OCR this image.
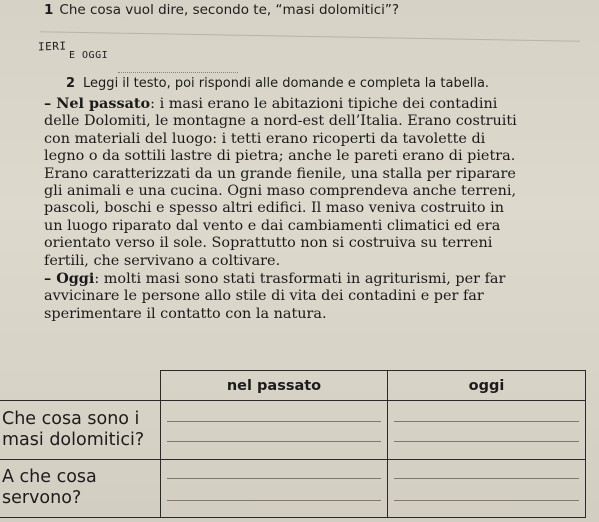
1 Che cosa vuol dire, secondo te, “masi dolomitici”?
IERI
E OGGI
2 Leggi il testo, poi rispondi alle domande e completa la tabella.

– Nel passato: i masi erano le abitazioni tipiche dei contadini

delle Dolomiti, le montagne a nord-est dell’Italia. Erano costruiti

con materiali del luogo: i tetti erano ricoperti da tavolette di

legno o da sottili lastre di pietra; anche le pareti erano di pietra.

Erano caratterizzati da un grande fienile, una stalla per riparare

gli animali e una cucina. Ogni maso comprendeva anche terreni,

pascoli, boschi e spesso altri edifici. Il maso veniva costruito in

un luogo riparato dal vento e dai cambiamenti climatici ed era

orientato verso il sole. Soprattutto non si costruiva su terreni

fertili, che servivano a coltivare.

– Oggi: molti masi sono stati trasformati in agriturismi, per far

avvicinare le persone allo stile di vita dei contadini e per far

sperimentare il contatto con la natura.

	nel passato	oggi
Che cosa sono i
masi dolomitici?	

A che cosa
servono?	
